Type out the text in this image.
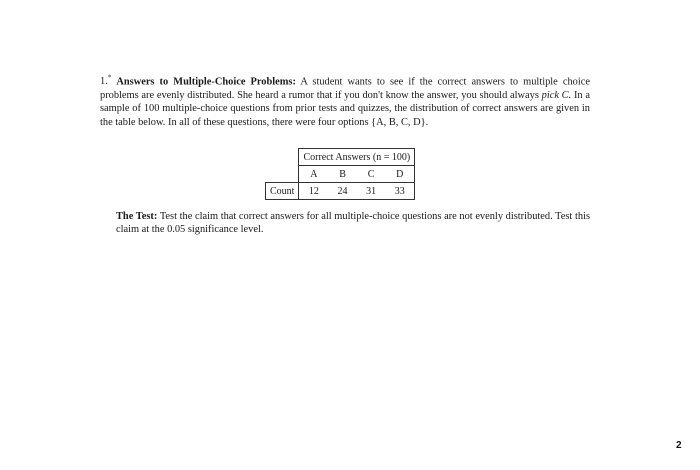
1.* Answers to Multiple-Choice Problems: A student wants to see if the correct answers to multiple choice problems are evenly distributed. She heard a rumor that if you don't know the answer, you should always pick C. In a sample of 100 multiple-choice questions from prior tests and quizzes, the distribution of correct answers are given in the table below. In all of these questions, there were four options {A, B, C, D}.
	Correct Answers (n = 100)			
	A	B	C	D
Count	12	24	31	33
The Test: Test the claim that correct answers for all multiple-choice questions are not evenly distributed. Test this claim at the 0.05 significance level.
2
